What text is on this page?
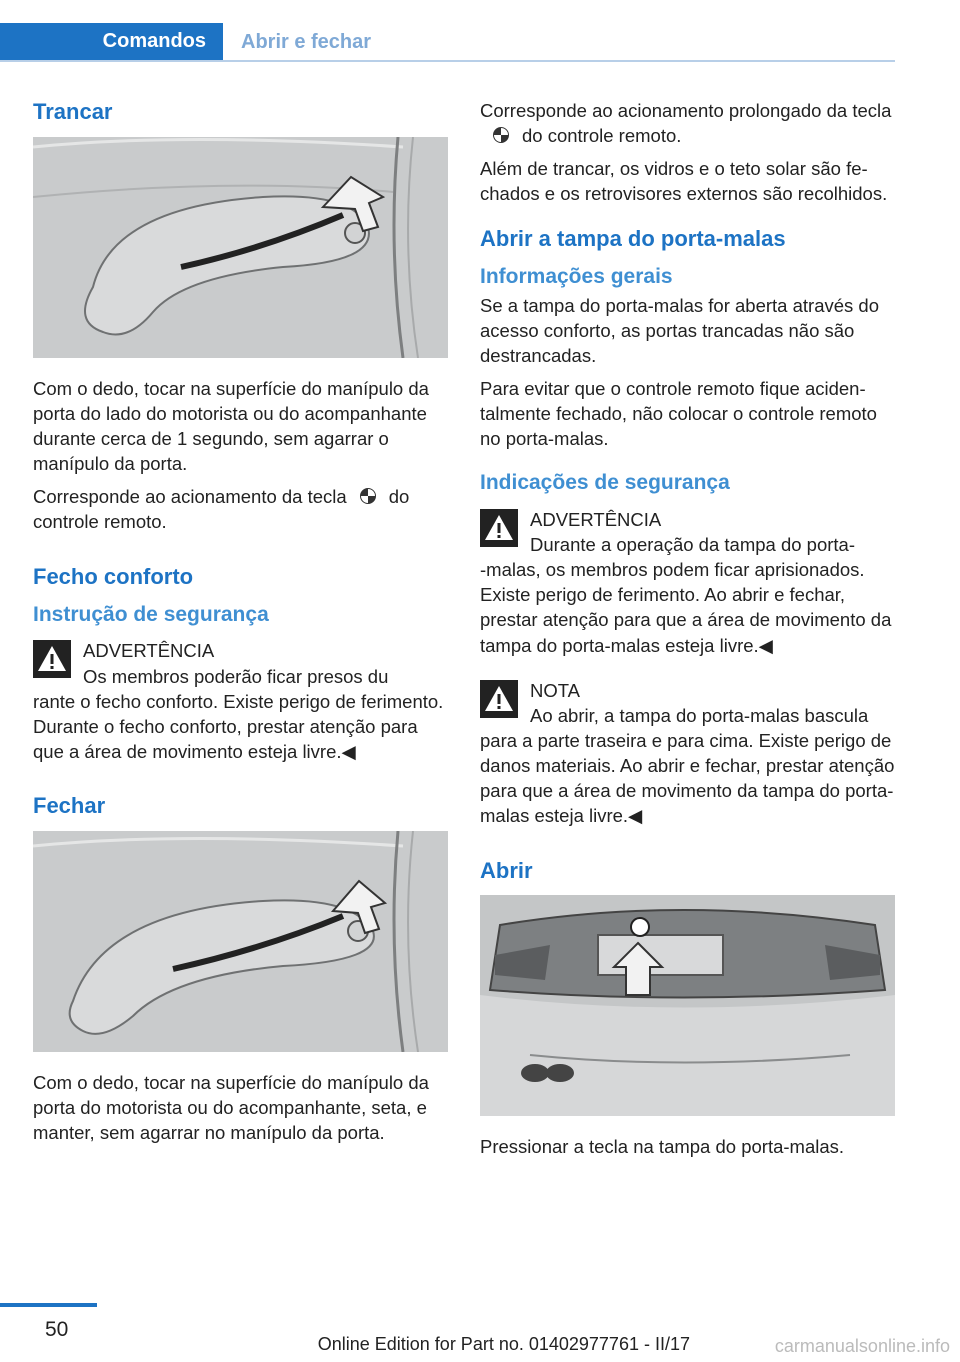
Comandos Abrir e fechar
Trancar

Com o dedo, tocar na superfície do manípulo da porta do lado do motorista ou do acompanhante durante cerca de 1 segundo, sem agarrar o manípulo da porta.

Corresponde ao acionamento da tecla do controle remoto.

Fecho conforto
Instrução de segurança

ADVERTÊNCIA

Os membros poderão ficar presos du

rante o fecho conforto. Existe perigo de ferimento. Durante o fecho conforto, prestar atenção para que a área de movimento esteja livre.◀

Fechar

Com o dedo, tocar na superfície do manípulo da porta do motorista ou do acompanhante, seta, e manter, sem agarrar no manípulo da porta.

Corresponde ao acionamento prolongado da teclado controle remoto.

Além de trancar, os vidros e o teto solar são fechados e os retrovisores externos são recolhidos.

Abrir a tampa do porta-malas
Informações gerais

Se a tampa do porta-malas for aberta através do acesso conforto, as portas trancadas não são destrancadas.

Para evitar que o controle remoto fique acidentalmente fechado, não colocar o controle remoto no porta-malas.

Indicações de segurança

ADVERTÊNCIA

Durante a operação da tampa do porta-

-malas, os membros podem ficar aprisionados. Existe perigo de ferimento. Ao abrir e fechar, prestar atenção para que a área de movimento da tampa do porta-malas esteja livre.◀

NOTA

Ao abrir, a tampa do porta-malas bascula

para a parte traseira e para cima. Existe perigo de danos materiais. Ao abrir e fechar, prestar atenção para que a área de movimento da tampa do porta-malas esteja livre.◀

Abrir

Pressionar a tecla na tampa do porta-malas.

50
Online Edition for Part no. 01402977761 - II/17	carmanualsonline.info
